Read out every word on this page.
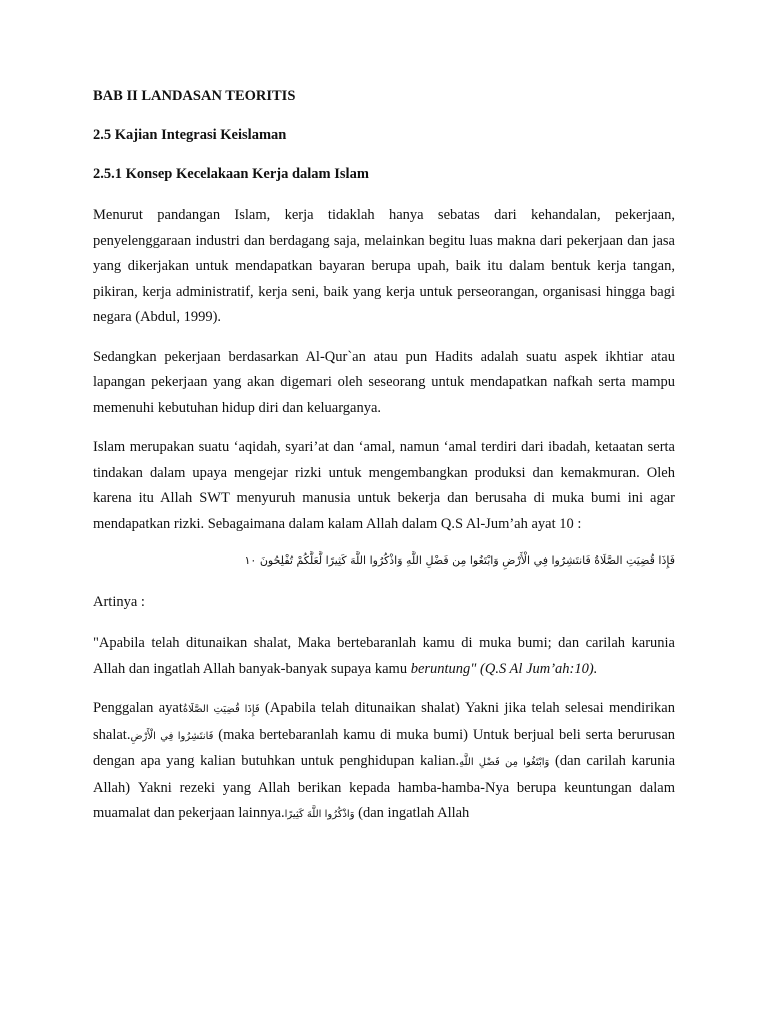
BAB II LANDASAN TEORITIS

2.5 Kajian Integrasi Keislaman

2.5.1 Konsep Kecelakaan Kerja dalam Islam

Menurut pandangan Islam, kerja tidaklah hanya sebatas dari kehandalan, pekerjaan, penyelenggaraan industri dan berdagang saja, melainkan begitu luas makna dari pekerjaan dan jasa yang dikerjakan untuk mendapatkan bayaran berupa upah, baik itu dalam bentuk kerja tangan, pikiran, kerja administratif, kerja seni, baik yang kerja untuk perseorangan, organisasi hingga bagi negara (Abdul, 1999).

Sedangkan pekerjaan berdasarkan Al-Qur`an atau pun Hadits adalah suatu aspek ikhtiar atau lapangan pekerjaan yang akan digemari oleh seseorang untuk mendapatkan nafkah serta mampu memenuhi kebutuhan hidup diri dan keluarganya.

Islam merupakan suatu ‘aqidah, syari’at dan ‘amal, namun ‘amal terdiri dari ibadah, ketaatan serta tindakan dalam upaya mengejar rizki untuk mengembangkan produksi dan kemakmuran. Oleh karena itu Allah SWT menyuruh manusia untuk bekerja dan berusaha di muka bumi ini agar mendapatkan rizki. Sebagaimana dalam kalam Allah dalam Q.S Al-Jum’ah ayat 10 :

فَإِذَا قُضِيَتِ الصَّلَاةُ فَانتَشِرُوا فِي الْأَرْضِ وَابْتَغُوا مِن فَضْلِ اللَّهِ وَاذْكُرُوا اللَّهَ كَثِيرًا لَّعَلَّكُمْ تُفْلِحُونَ ١٠

Artinya :

"Apabila telah ditunaikan shalat, Maka bertebaranlah kamu di muka bumi; dan carilah karunia Allah dan ingatlah Allah banyak-banyak supaya kamu beruntung" (Q.S Al Jum’ah:10).

Penggalan ayatفَإِذَا قُضِيَتِ الصَّلَاةُ (Apabila telah ditunaikan shalat) Yakni jika telah selesai mendirikan shalat.فَانتَشِرُوا فِي الْأَرْضِ (maka bertebaranlah kamu di muka bumi) Untuk berjual beli serta berurusan dengan apa yang kalian butuhkan untuk penghidupan kalian.وَابْتَغُوا مِن فَضْلِ اللَّهِ (dan carilah karunia Allah) Yakni rezeki yang Allah berikan kepada hamba-hamba-Nya berupa keuntungan dalam muamalat dan pekerjaan lainnya.وَاذْكُرُوا اللَّهَ كَثِيرًا (dan ingatlah Allah
